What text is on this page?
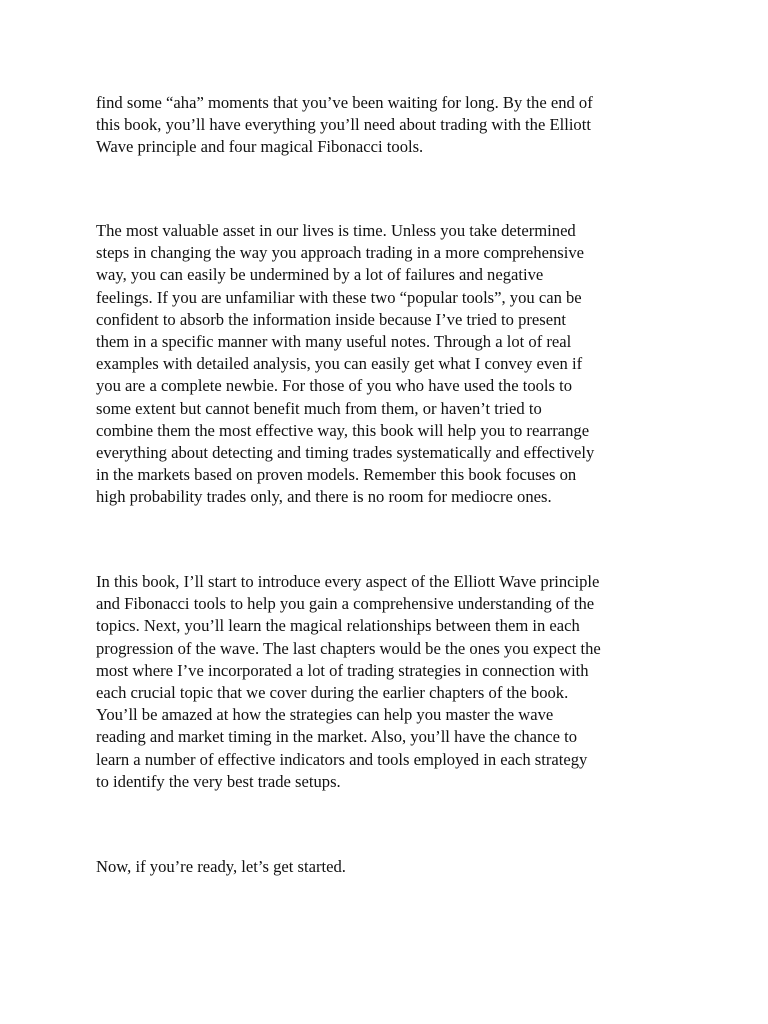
find some “aha” moments that you’ve been waiting for long. By the end of
this book, you’ll have everything you’ll need about trading with the Elliott
Wave principle and four magical Fibonacci tools.

The most valuable asset in our lives is time. Unless you take determined
steps in changing the way you approach trading in a more comprehensive
way, you can easily be undermined by a lot of failures and negative
feelings. If you are unfamiliar with these two “popular tools”, you can be
confident to absorb the information inside because I’ve tried to present
them in a specific manner with many useful notes. Through a lot of real
examples with detailed analysis, you can easily get what I convey even if
you are a complete newbie. For those of you who have used the tools to
some extent but cannot benefit much from them, or haven’t tried to
combine them the most effective way, this book will help you to rearrange
everything about detecting and timing trades systematically and effectively
in the markets based on proven models. Remember this book focuses on
high probability trades only, and there is no room for mediocre ones.

In this book, I’ll start to introduce every aspect of the Elliott Wave principle
and Fibonacci tools to help you gain a comprehensive understanding of the
topics. Next, you’ll learn the magical relationships between them in each
progression of the wave. The last chapters would be the ones you expect the
most where I’ve incorporated a lot of trading strategies in connection with
each crucial topic that we cover during the earlier chapters of the book.
You’ll be amazed at how the strategies can help you master the wave
reading and market timing in the market. Also, you’ll have the chance to
learn a number of effective indicators and tools employed in each strategy
to identify the very best trade setups.

Now, if you’re ready, let’s get started.
